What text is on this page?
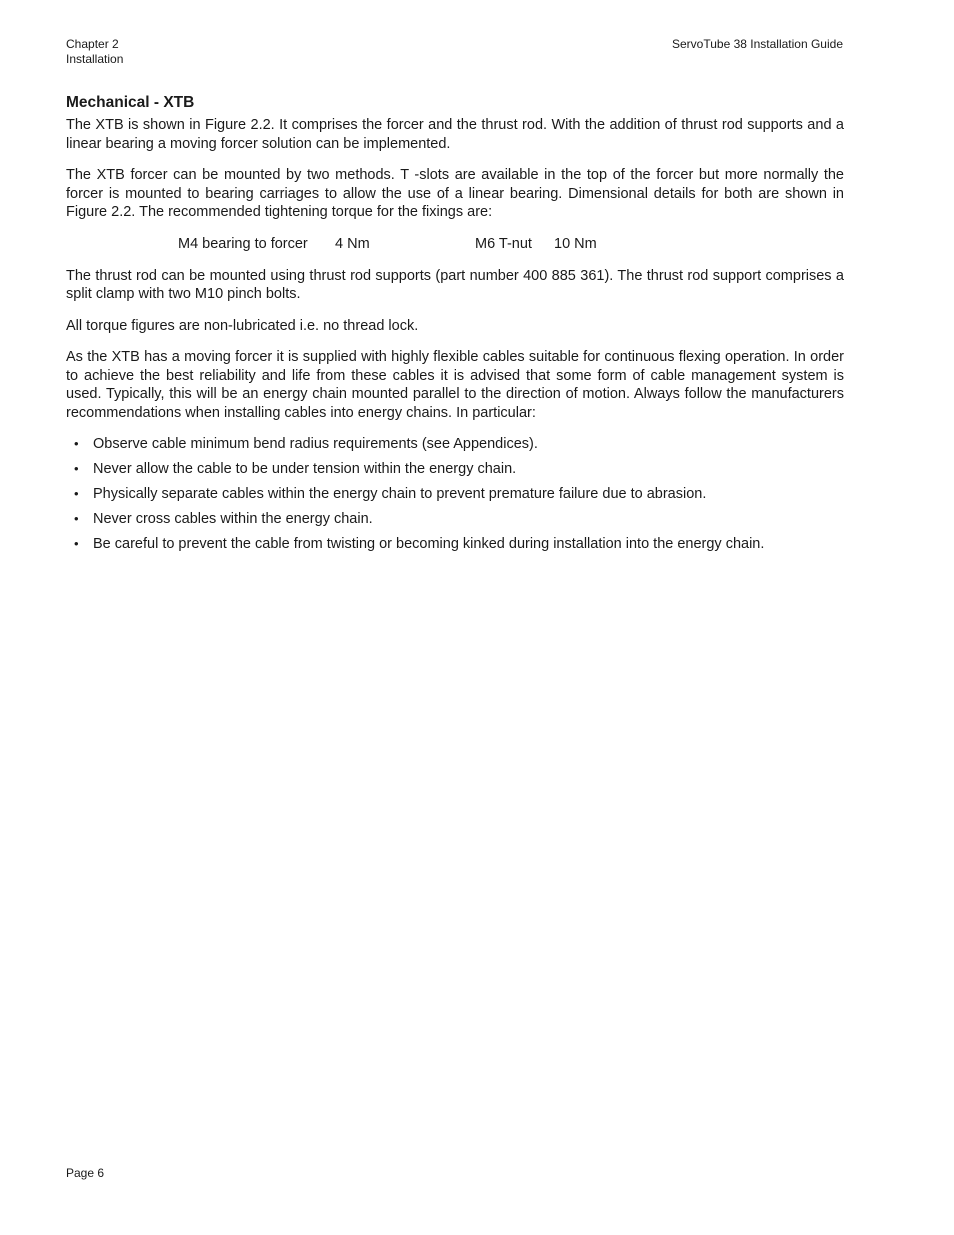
Chapter 2
Installation
ServoTube 38 Installation Guide
Mechanical - XTB

The XTB is shown in Figure 2.2. It comprises the forcer and the thrust rod. With the addition of thrust rod supports and a linear bearing a moving forcer solution can be implemented.

The XTB forcer can be mounted by two methods. T -slots are available in the top of the forcer but more normally the forcer is mounted to bearing carriages to allow the use of a linear bearing. Dimensional details for both are shown in Figure 2.2. The recommended tightening torque for the fixings are:

M4 bearing to forcer 4 Nm	M6 T-nut 10 Nm

The thrust rod can be mounted using thrust rod supports (part number 400 885 361). The thrust rod support comprises a split clamp with two M10 pinch bolts.

All torque figures are non-lubricated i.e. no thread lock.

As the XTB has a moving forcer it is supplied with highly flexible cables suitable for continuous flexing operation. In order to achieve the best reliability and life from these cables it is advised that some form of cable management system is used. Typically, this will be an energy chain mounted parallel to the direction of motion. Always follow the manufacturers recommendations when installing cables into energy chains. In particular:

• Observe cable minimum bend radius requirements (see Appendices).
• Never allow the cable to be under tension within the energy chain.
• Physically separate cables within the energy chain to prevent premature failure due to abrasion.
• Never cross cables within the energy chain.
• Be careful to prevent the cable from twisting or becoming kinked during installation into the energy chain.
Page 6
